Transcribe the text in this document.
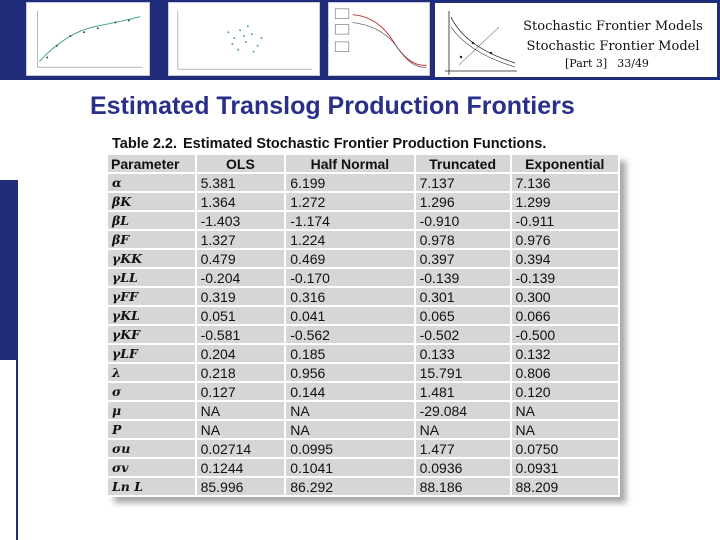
Stochastic Frontier Models
Stochastic Frontier Model
[Part 3] 33/49
Estimated Translog Production Frontiers
Table 2.2. Estimated Stochastic Frontier Production Functions.
Parameter	OLS	Half Normal	Truncated	Exponential
α	5.381	6.199	7.137	7.136
βK	1.364	1.272	1.296	1.299
βL	-1.403	-1.174	-0.910	-0.911
βF	1.327	1.224	0.978	0.976
γKK	0.479	0.469	0.397	0.394
γLL	-0.204	-0.170	-0.139	-0.139
γFF	0.319	0.316	0.301	0.300
γKL	0.051	0.041	0.065	0.066
γKF	-0.581	-0.562	-0.502	-0.500
γLF	0.204	0.185	0.133	0.132
λ	0.218	0.956	15.791	0.806
σ	0.127	0.144	1.481	0.120
μ	NA	NA	-29.084	NA
P	NA	NA	NA	NA
σu	0.02714	0.0995	1.477	0.0750
σv	0.1244	0.1041	0.0936	0.0931
Ln L	85.996	86.292	88.186	88.209
